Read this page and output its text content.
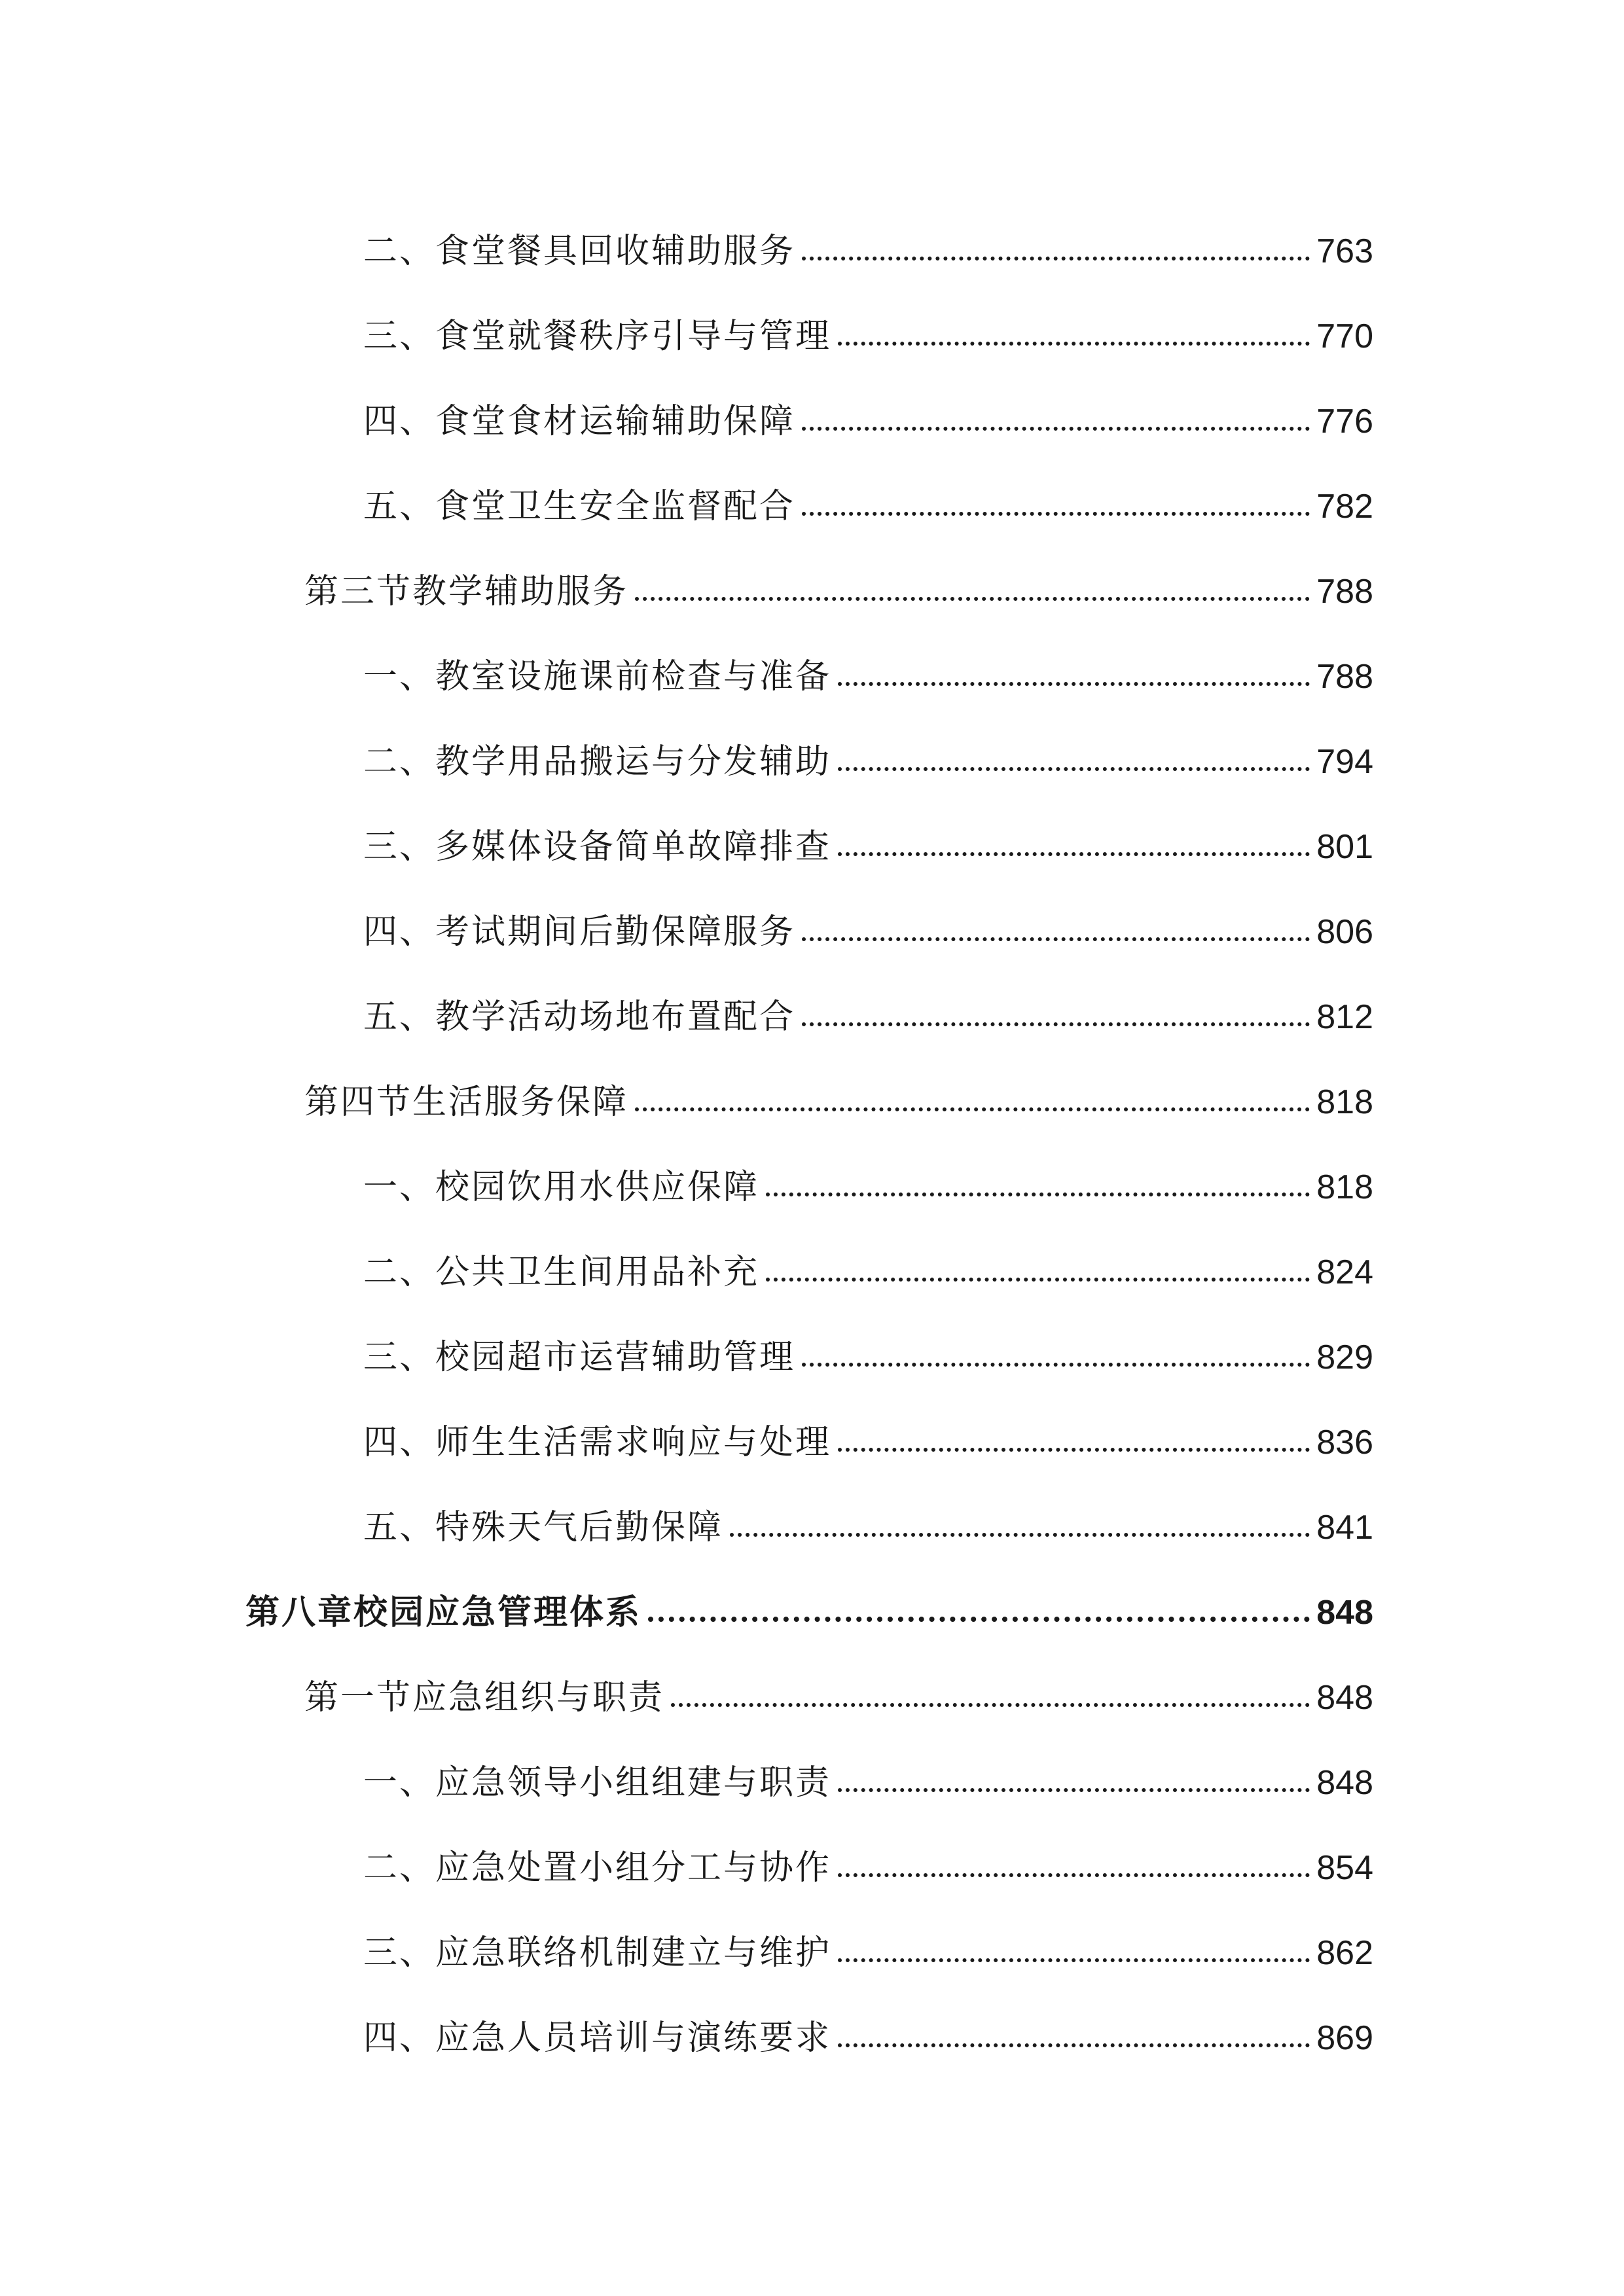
二、食堂餐具回收辅助服务	763
三、食堂就餐秩序引导与管理	770
四、食堂食材运输辅助保障	776
五、食堂卫生安全监督配合	782
第三节教学辅助服务	788
一、教室设施课前检查与准备	788
二、教学用品搬运与分发辅助	794
三、多媒体设备简单故障排查	801
四、考试期间后勤保障服务	806
五、教学活动场地布置配合	812
第四节生活服务保障	818
一、校园饮用水供应保障	818
二、公共卫生间用品补充	824
三、校园超市运营辅助管理	829
四、师生生活需求响应与处理	836
五、特殊天气后勤保障	841
第八章校园应急管理体系	848
第一节应急组织与职责	848
一、应急领导小组组建与职责	848
二、应急处置小组分工与协作	854
三、应急联络机制建立与维护	862
四、应急人员培训与演练要求	869
